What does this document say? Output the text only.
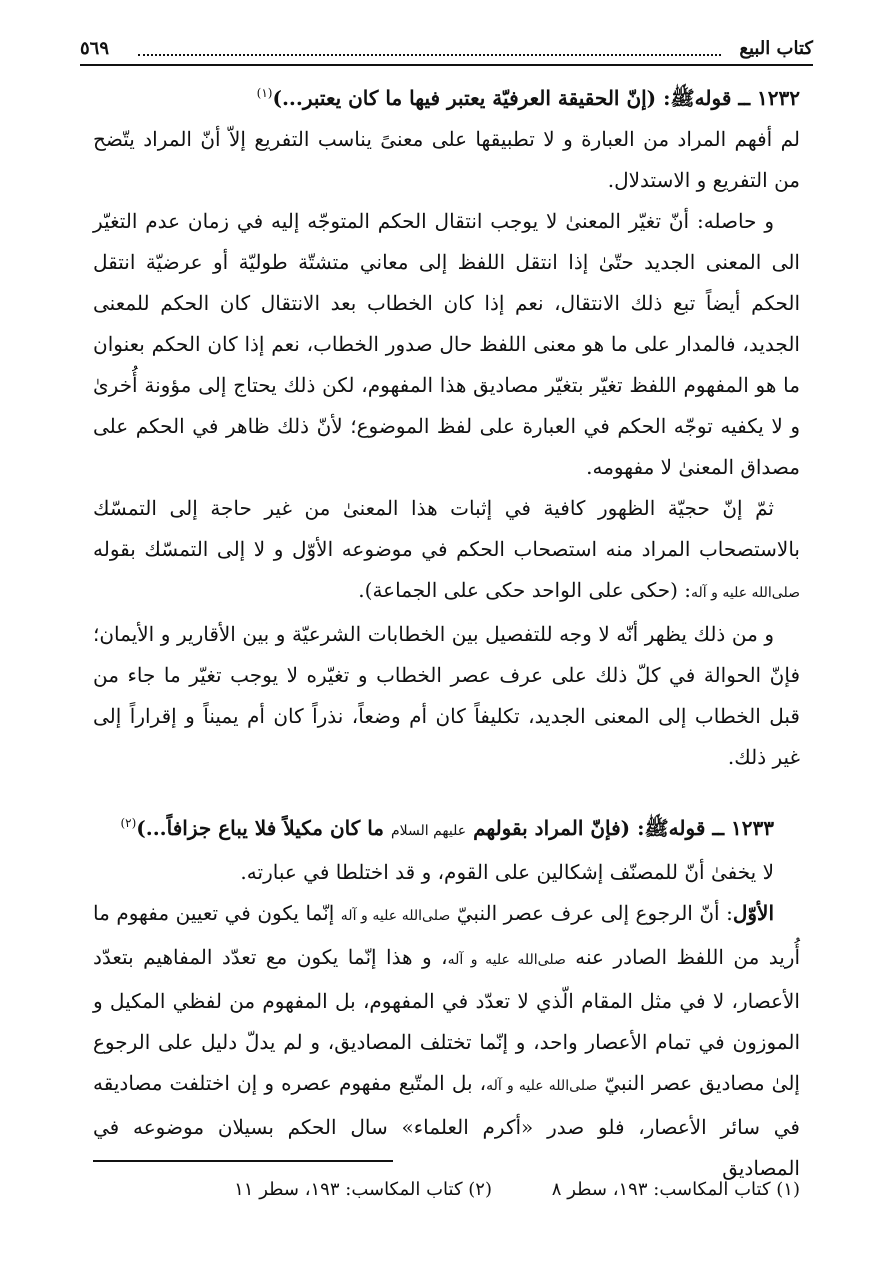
كتاب البيع
٥٦٩

١٢٣٢ ــ قولهﷺ: (إنّ الحقيقة العرفيّة يعتبر فيها ما كان يعتبر...)$^{(١)}$

لم أفهم المراد من العبارة و لا تطبيقها على معنىً يناسب التفريع إلاّ أنّ المراد يتّضح من التفريع و الاستدلال.

و حاصله: أنّ تغيّر المعنىٰ لا يوجب انتقال الحكم المتوجّه إليه في زمان عدم التغيّر الى المعنى الجديد حتّىٰ إذا انتقل اللفظ إلى معاني متشتّة طوليّة أو عرضيّة انتقل الحكم أيضاً تبع ذلك الانتقال، نعم إذا كان الخطاب بعد الانتقال كان الحكم للمعنى الجديد، فالمدار على ما هو معنى اللفظ حال صدور الخطاب، نعم إذا كان الحكم بعنوان ما هو المفهوم اللفظ تغيّر بتغيّر مصاديق هذا المفهوم، لكن ذلك يحتاج إلى مؤونة أُخرىٰ و لا يكفيه توجّه الحكم في العبارة على لفظ الموضوع؛ لأنّ ذلك ظاهر في الحكم على مصداق المعنىٰ لا مفهومه.

ثمّ إنّ حجيّة الظهور كافية في إثبات هذا المعنىٰ من غير حاجة إلى التمسّك بالاستصحاب المراد منه استصحاب الحكم في موضوعه الأوّل و لا إلى التمسّك بقوله صلى‌الله عليه و آله: (حكى على الواحد حكى على الجماعة).

و من ذلك يظهر أنّه لا وجه للتفصيل بين الخطابات الشرعيّة و بين الأقارير و الأيمان؛ فإنّ الحوالة في كلّ ذلك على عرف عصر الخطاب و تغيّره لا يوجب تغيّر ما جاء من قبل الخطاب إلى المعنى الجديد، تكليفاً كان أم وضعاً، نذراً كان أم يميناً و إقراراً إلى غير ذلك.

١٢٣٣ ــ قولهﷺ: (فإنّ المراد بقولهم عليهم السلام ما كان مكيلاً فلا يباع جزافاً...)$^{(٢)}$

لا يخفىٰ أنّ للمصنّف إشكالين على القوم، و قد اختلطا في عبارته.

الأوّل: أنّ الرجوع إلى عرف عصر النبيّ صلى‌الله عليه و آله إنّما يكون في تعيين مفهوم ما أُريد من اللفظ الصادر عنه صلى‌الله عليه و آله، و هذا إنّما يكون مع تعدّد المفاهيم بتعدّد الأعصار، لا في مثل المقام الّذي لا تعدّد في المفهوم، بل المفهوم من لفظي المكيل و الموزون في تمام الأعصار واحد، و إنّما تختلف المصاديق، و لم يدلّ دليل على الرجوع إلىٰ مصاديق عصر النبيّ صلى‌الله عليه و آله، بل المتّبع مفهوم عصره و إن اختلفت مصاديقه في سائر الأعصار، فلو صدر «أكرم العلماء» سال الحكم بسيلان موضوعه في المصاديق

(١) كتاب المكاسب: ١٩٣، سطر ٨
(٢) كتاب المكاسب: ١٩٣، سطر ١١
